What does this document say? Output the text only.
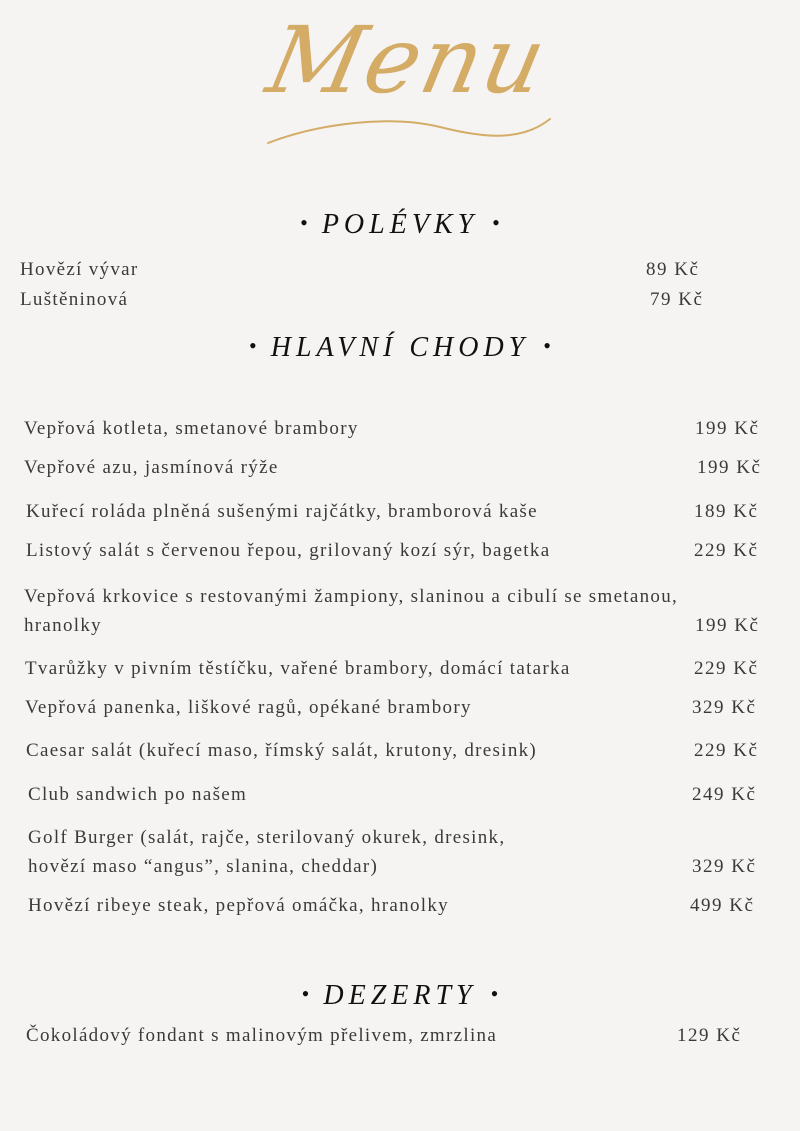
Menu
• POLÉVKY •
Hovězí vývar	89 Kč
Luštěninová	79 Kč
• HLAVNÍ CHODY •
Vepřová kotleta, smetanové brambory	199 Kč
Vepřové azu, jasmínová rýže	199 Kč
Kuřecí roláda plněná sušenými rajčátky, bramborová kaše	189 Kč
Listový salát s červenou řepou, grilovaný kozí sýr, bagetka	229 Kč
Vepřová krkovice s restovanými žampiony, slaninou a cibulí se smetanou,
hranolky	199 Kč
Tvarůžky v pivním těstíčku, vařené brambory, domácí tatarka	229 Kč
Vepřová panenka, liškové ragů, opékané brambory	329 Kč
Caesar salát (kuřecí maso, římský salát, krutony, dresink)	229 Kč
Club sandwich po našem	249 Kč
Golf Burger (salát, rajče, sterilovaný okurek, dresink,
hovězí maso “angus”, slanina, cheddar)	329 Kč
Hovězí ribeye steak, pepřová omáčka, hranolky	499 Kč
• DEZERTY •
Čokoládový fondant s malinovým přelivem, zmrzlina	129 Kč
